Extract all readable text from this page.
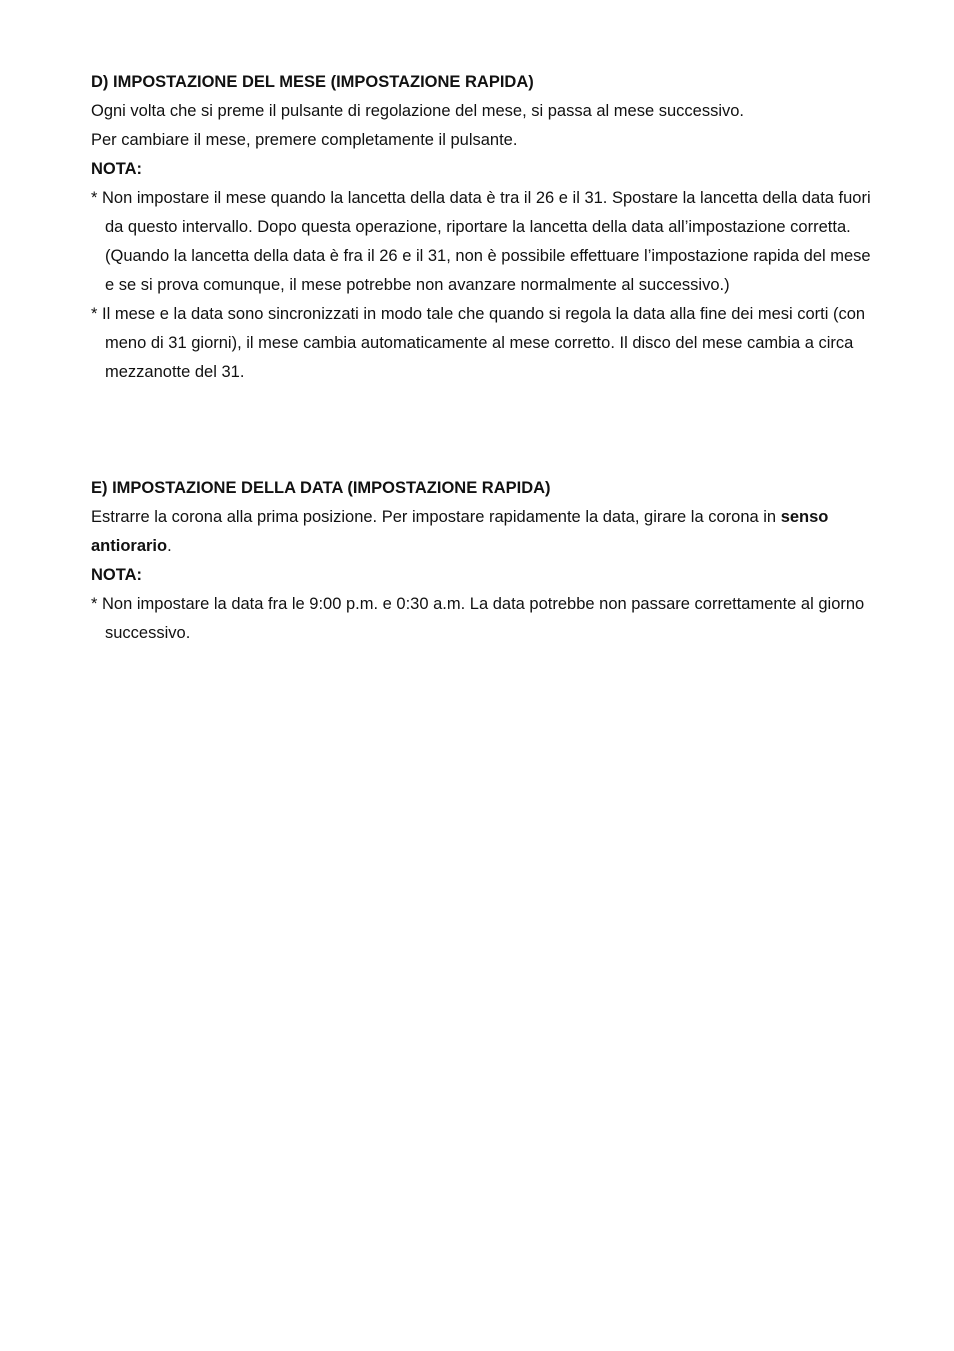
D) IMPOSTAZIONE DEL MESE (IMPOSTAZIONE RAPIDA)

Ogni volta che si preme il pulsante di regolazione del mese, si passa al mese successivo.

Per cambiare il mese, premere completamente il pulsante.

NOTA:

* Non impostare il mese quando la lancetta della data è tra il 26 e il 31. Spostare la lancetta della data fuori da questo intervallo. Dopo questa operazione, riportare la lancetta della data all’impostazione corretta. (Quando la lancetta della data è fra il 26 e il 31, non è possibile effettuare l’impostazione rapida del mese e se si prova comunque, il mese potrebbe non avanzare normalmente al successivo.)

* Il mese e la data sono sincronizzati in modo tale che quando si regola la data alla fine dei mesi corti (con meno di 31 giorni), il mese cambia automaticamente al mese corretto. Il disco del mese cambia a circa mezzanotte del 31.

E) IMPOSTAZIONE DELLA DATA (IMPOSTAZIONE RAPIDA)

Estrarre la corona alla prima posizione. Per impostare rapidamente la data, girare la corona in senso antiorario.

NOTA:

* Non impostare la data fra le 9:00 p.m. e 0:30 a.m. La data potrebbe non passare correttamente al giorno successivo.
